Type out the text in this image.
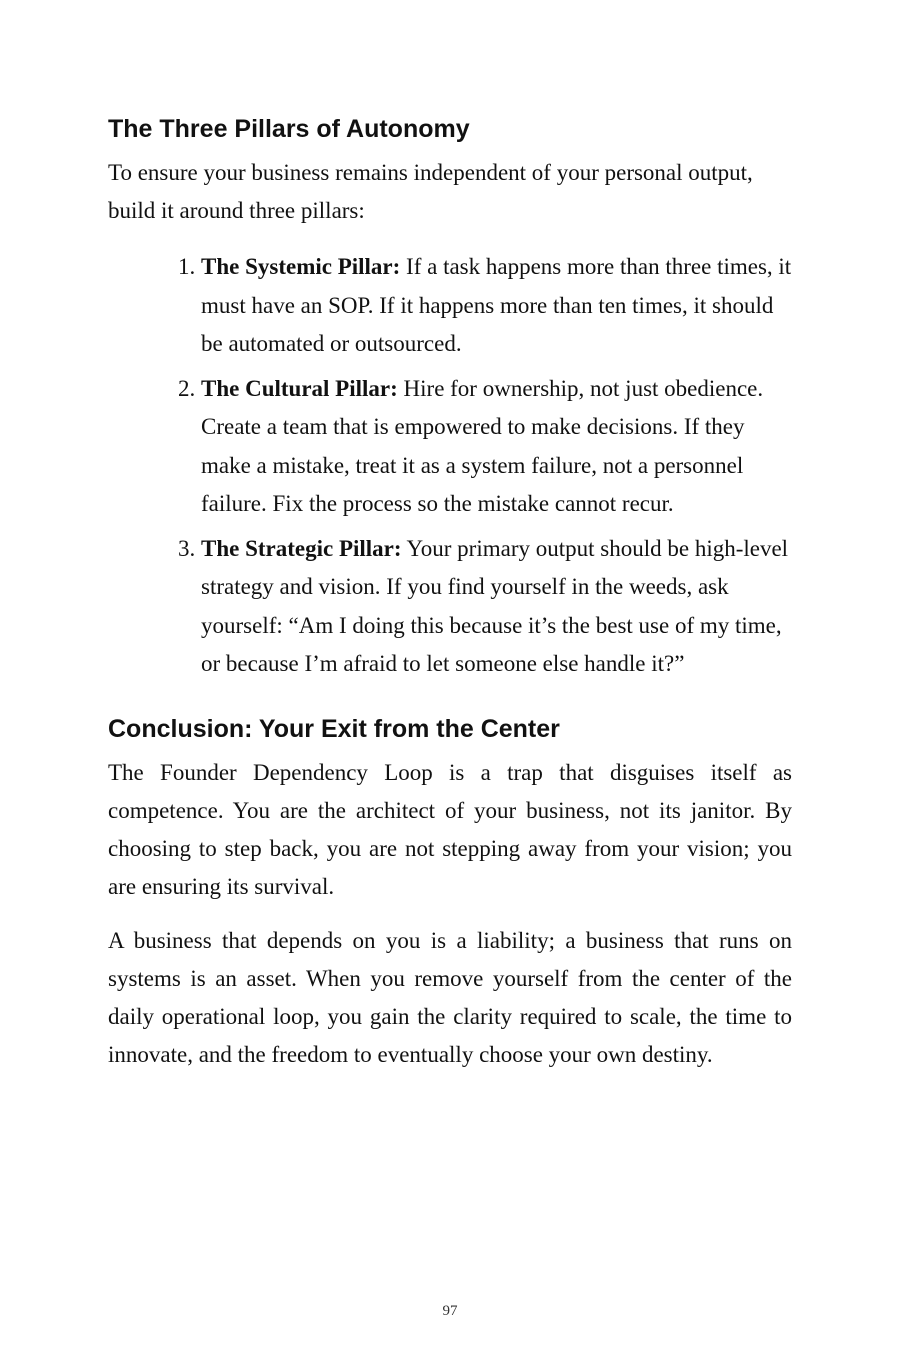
The Three Pillars of Autonomy

To ensure your business remains independent of your personal output, build it around three pillars:

1. The Systemic Pillar: If a task happens more than three times, it must have an SOP. If it happens more than ten times, it should be automated or outsourced.
2. The Cultural Pillar: Hire for ownership, not just obedience. Create a team that is empowered to make decisions. If they make a mistake, treat it as a system failure, not a personnel failure. Fix the process so the mistake cannot recur.
3. The Strategic Pillar: Your primary output should be high-level strategy and vision. If you find yourself in the weeds, ask yourself: “Am I doing this because it’s the best use of my time, or because I’m afraid to let someone else handle it?”
Conclusion: Your Exit from the Center

The Founder Dependency Loop is a trap that disguises itself as competence. You are the architect of your business, not its janitor. By choosing to step back, you are not stepping away from your vision; you are ensuring its survival.

A business that depends on you is a liability; a business that runs on systems is an asset. When you remove yourself from the center of the daily operational loop, you gain the clarity required to scale, the time to innovate, and the freedom to eventually choose your own destiny.

97
